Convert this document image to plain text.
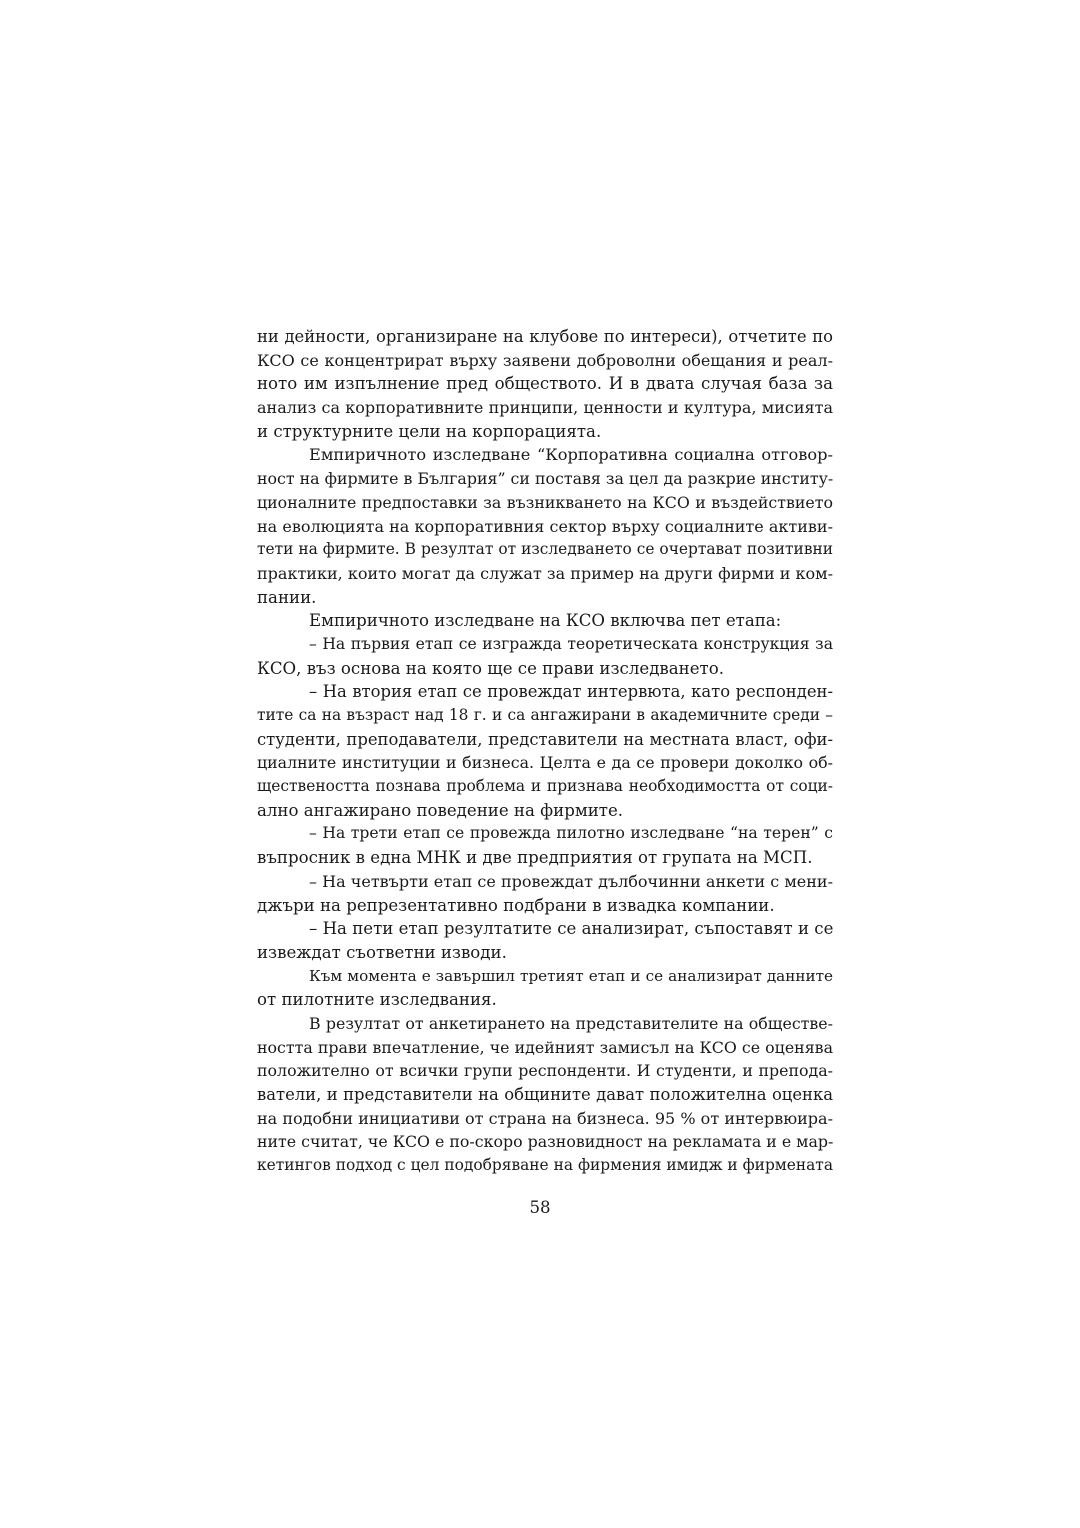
ни дейности, организиране на клубове по интереси), отчетите по
КСО се концентрират върху заявени доброволни обещания и реал-
ното им изпълнение пред обществото. И в двата случая база за
анализ са корпоративните принципи, ценности и култура, мисията
и структурните цели на корпорацията.
Емпиричното изследване “Корпоративна социална отговор-
ност на фирмите в България” си поставя за цел да разкрие институ-
ционалните предпоставки за възникването на КСО и въздействието
на еволюцията на корпоративния сектор върху социалните активи-
тети на фирмите. В резултат от изследването се очертават позитивни
практики, които могат да служат за пример на други фирми и ком-
пании.
Емпиричното изследване на КСО включва пет етапа:
– На първия етап се изгражда теоретическата конструкция за
КСО, въз основа на която ще се прави изследването.
– На втория етап се провеждат интервюта, като респонден-
тите са на възраст над 18 г. и са ангажирани в академичните среди –
студенти, преподаватели, представители на местната власт, офи-
циалните институции и бизнеса. Целта е да се провери доколко об-
ществеността познава проблема и признава необходимостта от соци-
ално ангажирано поведение на фирмите.
– На трети етап се провежда пилотно изследване “на терен” с
въпросник в една МНК и две предприятия от групата на МСП.
– На четвърти етап се провеждат дълбочинни анкети с мени-
джъри на репрезентативно подбрани в извадка компании.
– На пети етап резултатите се анализират, съпоставят и се
извеждат съответни изводи.
Към момента е завършил третият етап и се анализират данните
от пилотните изследвания.
В резултат от анкетирането на представителите на обществе-
ността прави впечатление, че идейният замисъл на КСО се оценява
положително от всички групи респонденти. И студенти, и препода-
ватели, и представители на общините дават положителна оценка
на подобни инициативи от страна на бизнеса. 95 % от интервюира-
ните считат, че КСО е по-скоро разновидност на рекламата и е мар-
кетингов подход с цел подобряване на фирмения имидж и фирмената
58
